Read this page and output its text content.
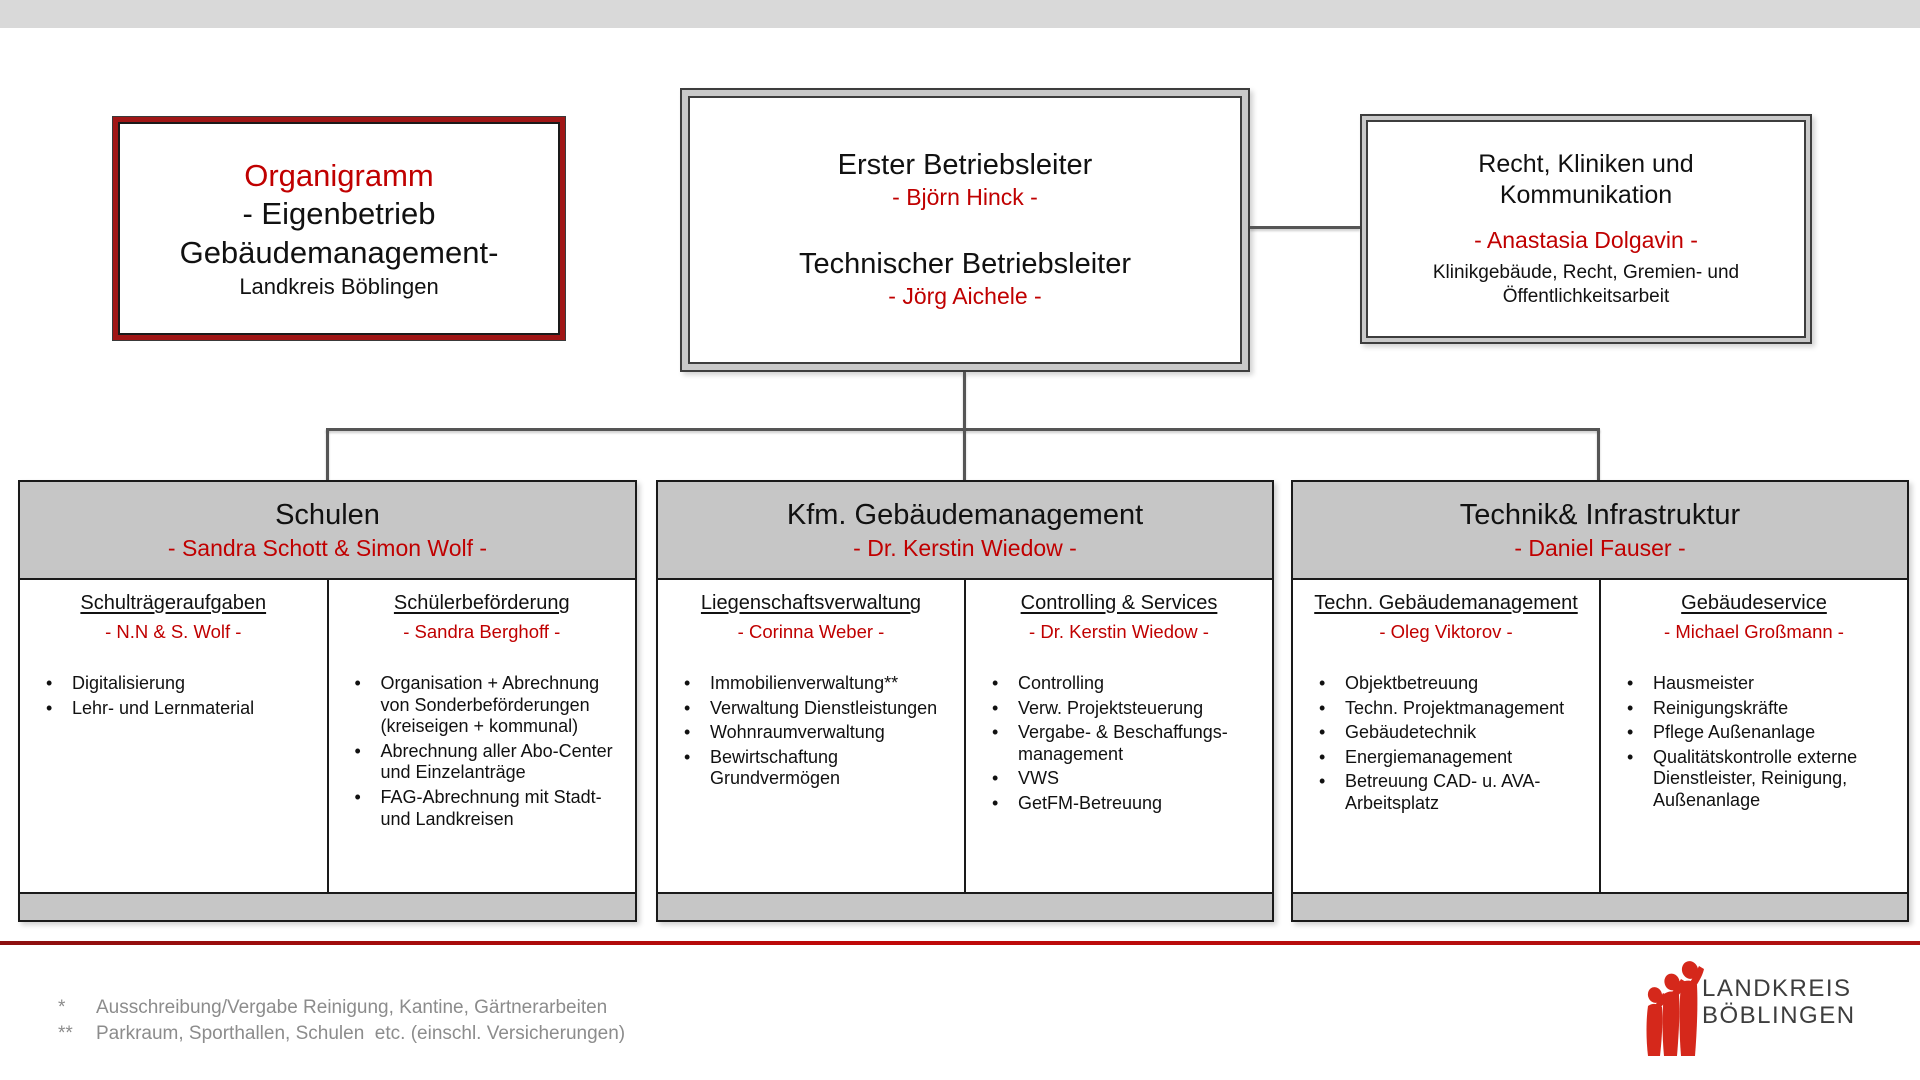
Organigramm
- Eigenbetrieb
Gebäudemanagement-
Landkreis Böblingen
Erster Betriebsleiter
- Björn Hinck -
Technischer Betriebsleiter
- Jörg Aichele -
Recht, Kliniken und Kommunikation
- Anastasia Dolgavin -
Klinikgebäude, Recht, Gremien- und Öffentlichkeitsarbeit
Schulen
- Sandra Schott & Simon Wolf -
Schulträgeraufgaben
- N.N & S. Wolf -
• Digitalisierung
• Lehr- und Lernmaterial
Schülerbeförderung
- Sandra Berghoff -
• Organisation + Abrechnung von Sonderbeförderungen (kreiseigen + kommunal)
• Abrechnung aller Abo-Center und Einzelanträge
• FAG-Abrechnung mit Stadt- und Landkreisen
Kfm. Gebäudemanagement
- Dr. Kerstin Wiedow -
Liegenschaftsverwaltung
- Corinna Weber -
• Immobilienverwaltung**
• Verwaltung Dienstleistungen
• Wohnraumverwaltung
• Bewirtschaftung Grundvermögen
Controlling & Services
- Dr. Kerstin Wiedow -
• Controlling
• Verw. Projektsteuerung
• Vergabe- & Beschaffungs-management
• VWS
• GetFM-Betreuung
Technik& Infrastruktur
- Daniel Fauser -
Techn. Gebäudemanagement
- Oleg Viktorov -
• Objektbetreuung
• Techn. Projektmanagement
• Gebäudetechnik
• Energiemanagement
• Betreuung CAD- u. AVA-Arbeitsplatz
Gebäudeservice
- Michael Großmann -
• Hausmeister
• Reinigungskräfte
• Pflege Außenanlage
• Qualitätskontrolle externe Dienstleister, Reinigung, Außenanlage
*	Ausschreibung/Vergabe Reinigung, Kantine, Gärtnerarbeiten
**	Parkraum, Sporthallen, Schulen  etc. (einschl. Versicherungen)
LANDKREIS
BÖBLINGEN
